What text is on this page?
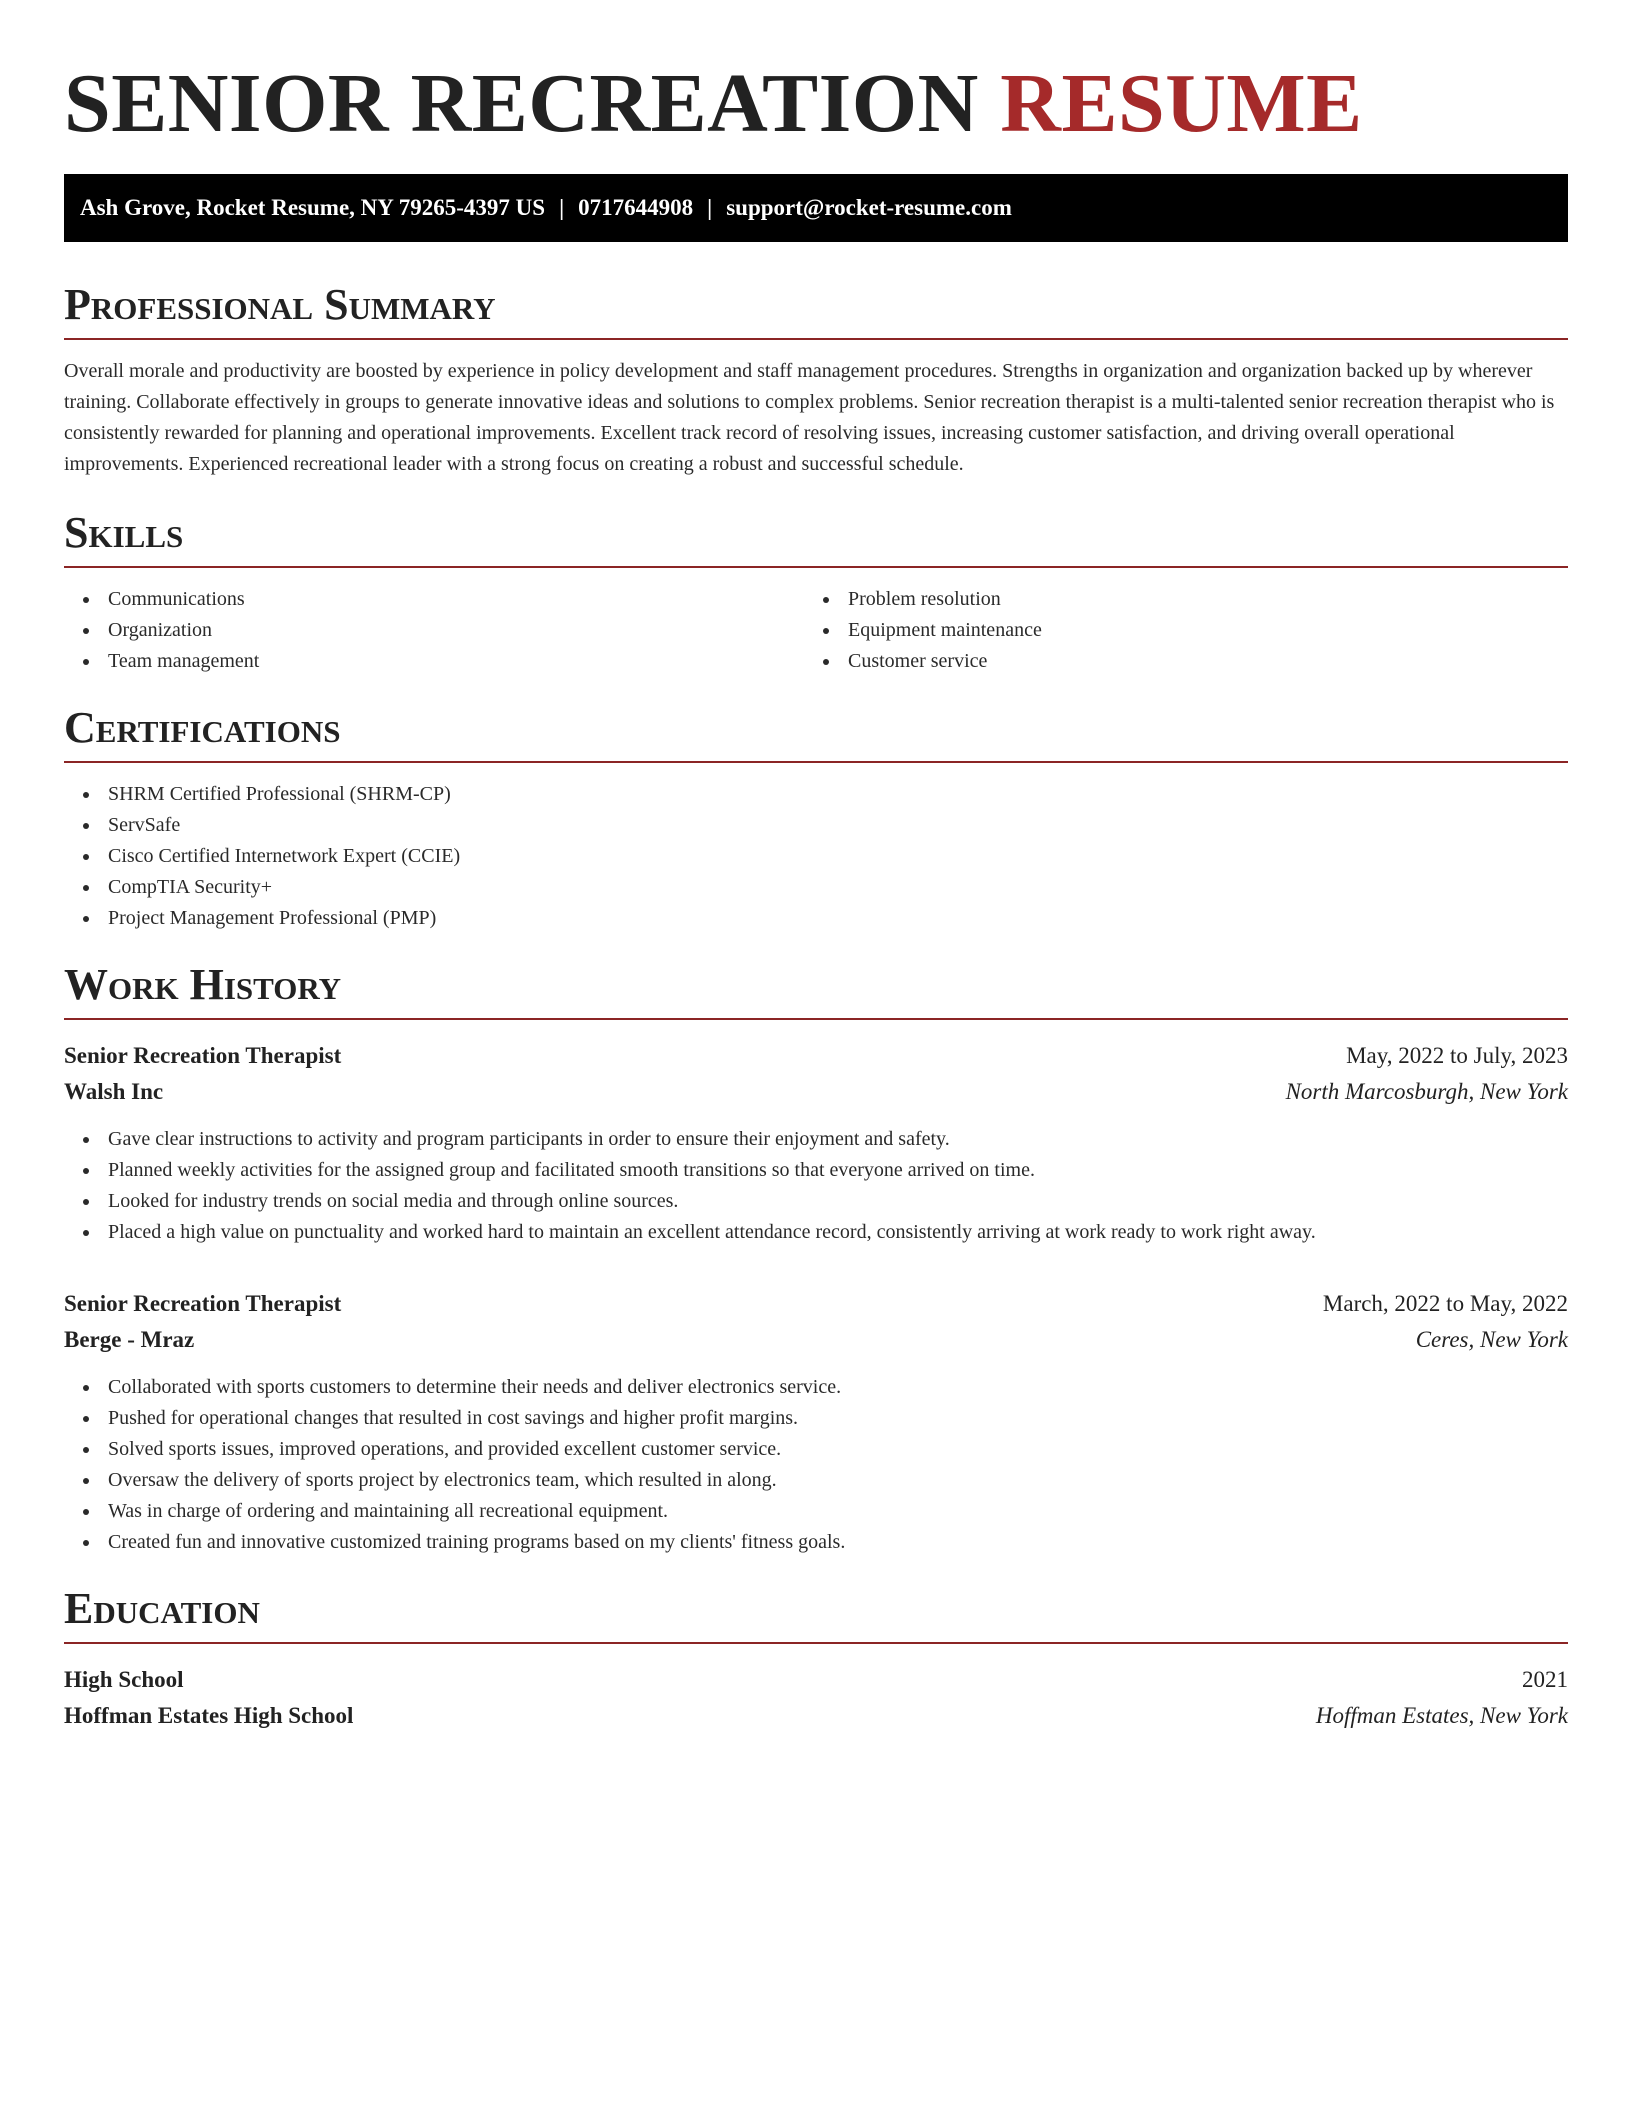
SENIOR RECREATION RESUME
Ash Grove, Rocket Resume, NY 79265-4397 US | 0717644908 | support@rocket-resume.com
Professional Summary
Overall morale and productivity are boosted by experience in policy development and staff management procedures. Strengths in organization and organization backed up by wherever training. Collaborate effectively in groups to generate innovative ideas and solutions to complex problems. Senior recreation therapist is a multi-talented senior recreation therapist who is consistently rewarded for planning and operational improvements. Excellent track record of resolving issues, increasing customer satisfaction, and driving overall operational improvements. Experienced recreational leader with a strong focus on creating a robust and successful schedule.
Skills
Communications
Organization
Team management
Problem resolution
Equipment maintenance
Customer service
Certifications
SHRM Certified Professional (SHRM-CP)
ServSafe
Cisco Certified Internetwork Expert (CCIE)
CompTIA Security+
Project Management Professional (PMP)
Work History
Senior Recreation Therapist	May, 2022 to July, 2023
Walsh Inc	North Marcosburgh, New York
Gave clear instructions to activity and program participants in order to ensure their enjoyment and safety.
Planned weekly activities for the assigned group and facilitated smooth transitions so that everyone arrived on time.
Looked for industry trends on social media and through online sources.
Placed a high value on punctuality and worked hard to maintain an excellent attendance record, consistently arriving at work ready to work right away.
Senior Recreation Therapist	March, 2022 to May, 2022
Berge - Mraz	Ceres, New York
Collaborated with sports customers to determine their needs and deliver electronics service.
Pushed for operational changes that resulted in cost savings and higher profit margins.
Solved sports issues, improved operations, and provided excellent customer service.
Oversaw the delivery of sports project by electronics team, which resulted in along.
Was in charge of ordering and maintaining all recreational equipment.
Created fun and innovative customized training programs based on my clients' fitness goals.
Education
High School	2021
Hoffman Estates High School	Hoffman Estates, New York
